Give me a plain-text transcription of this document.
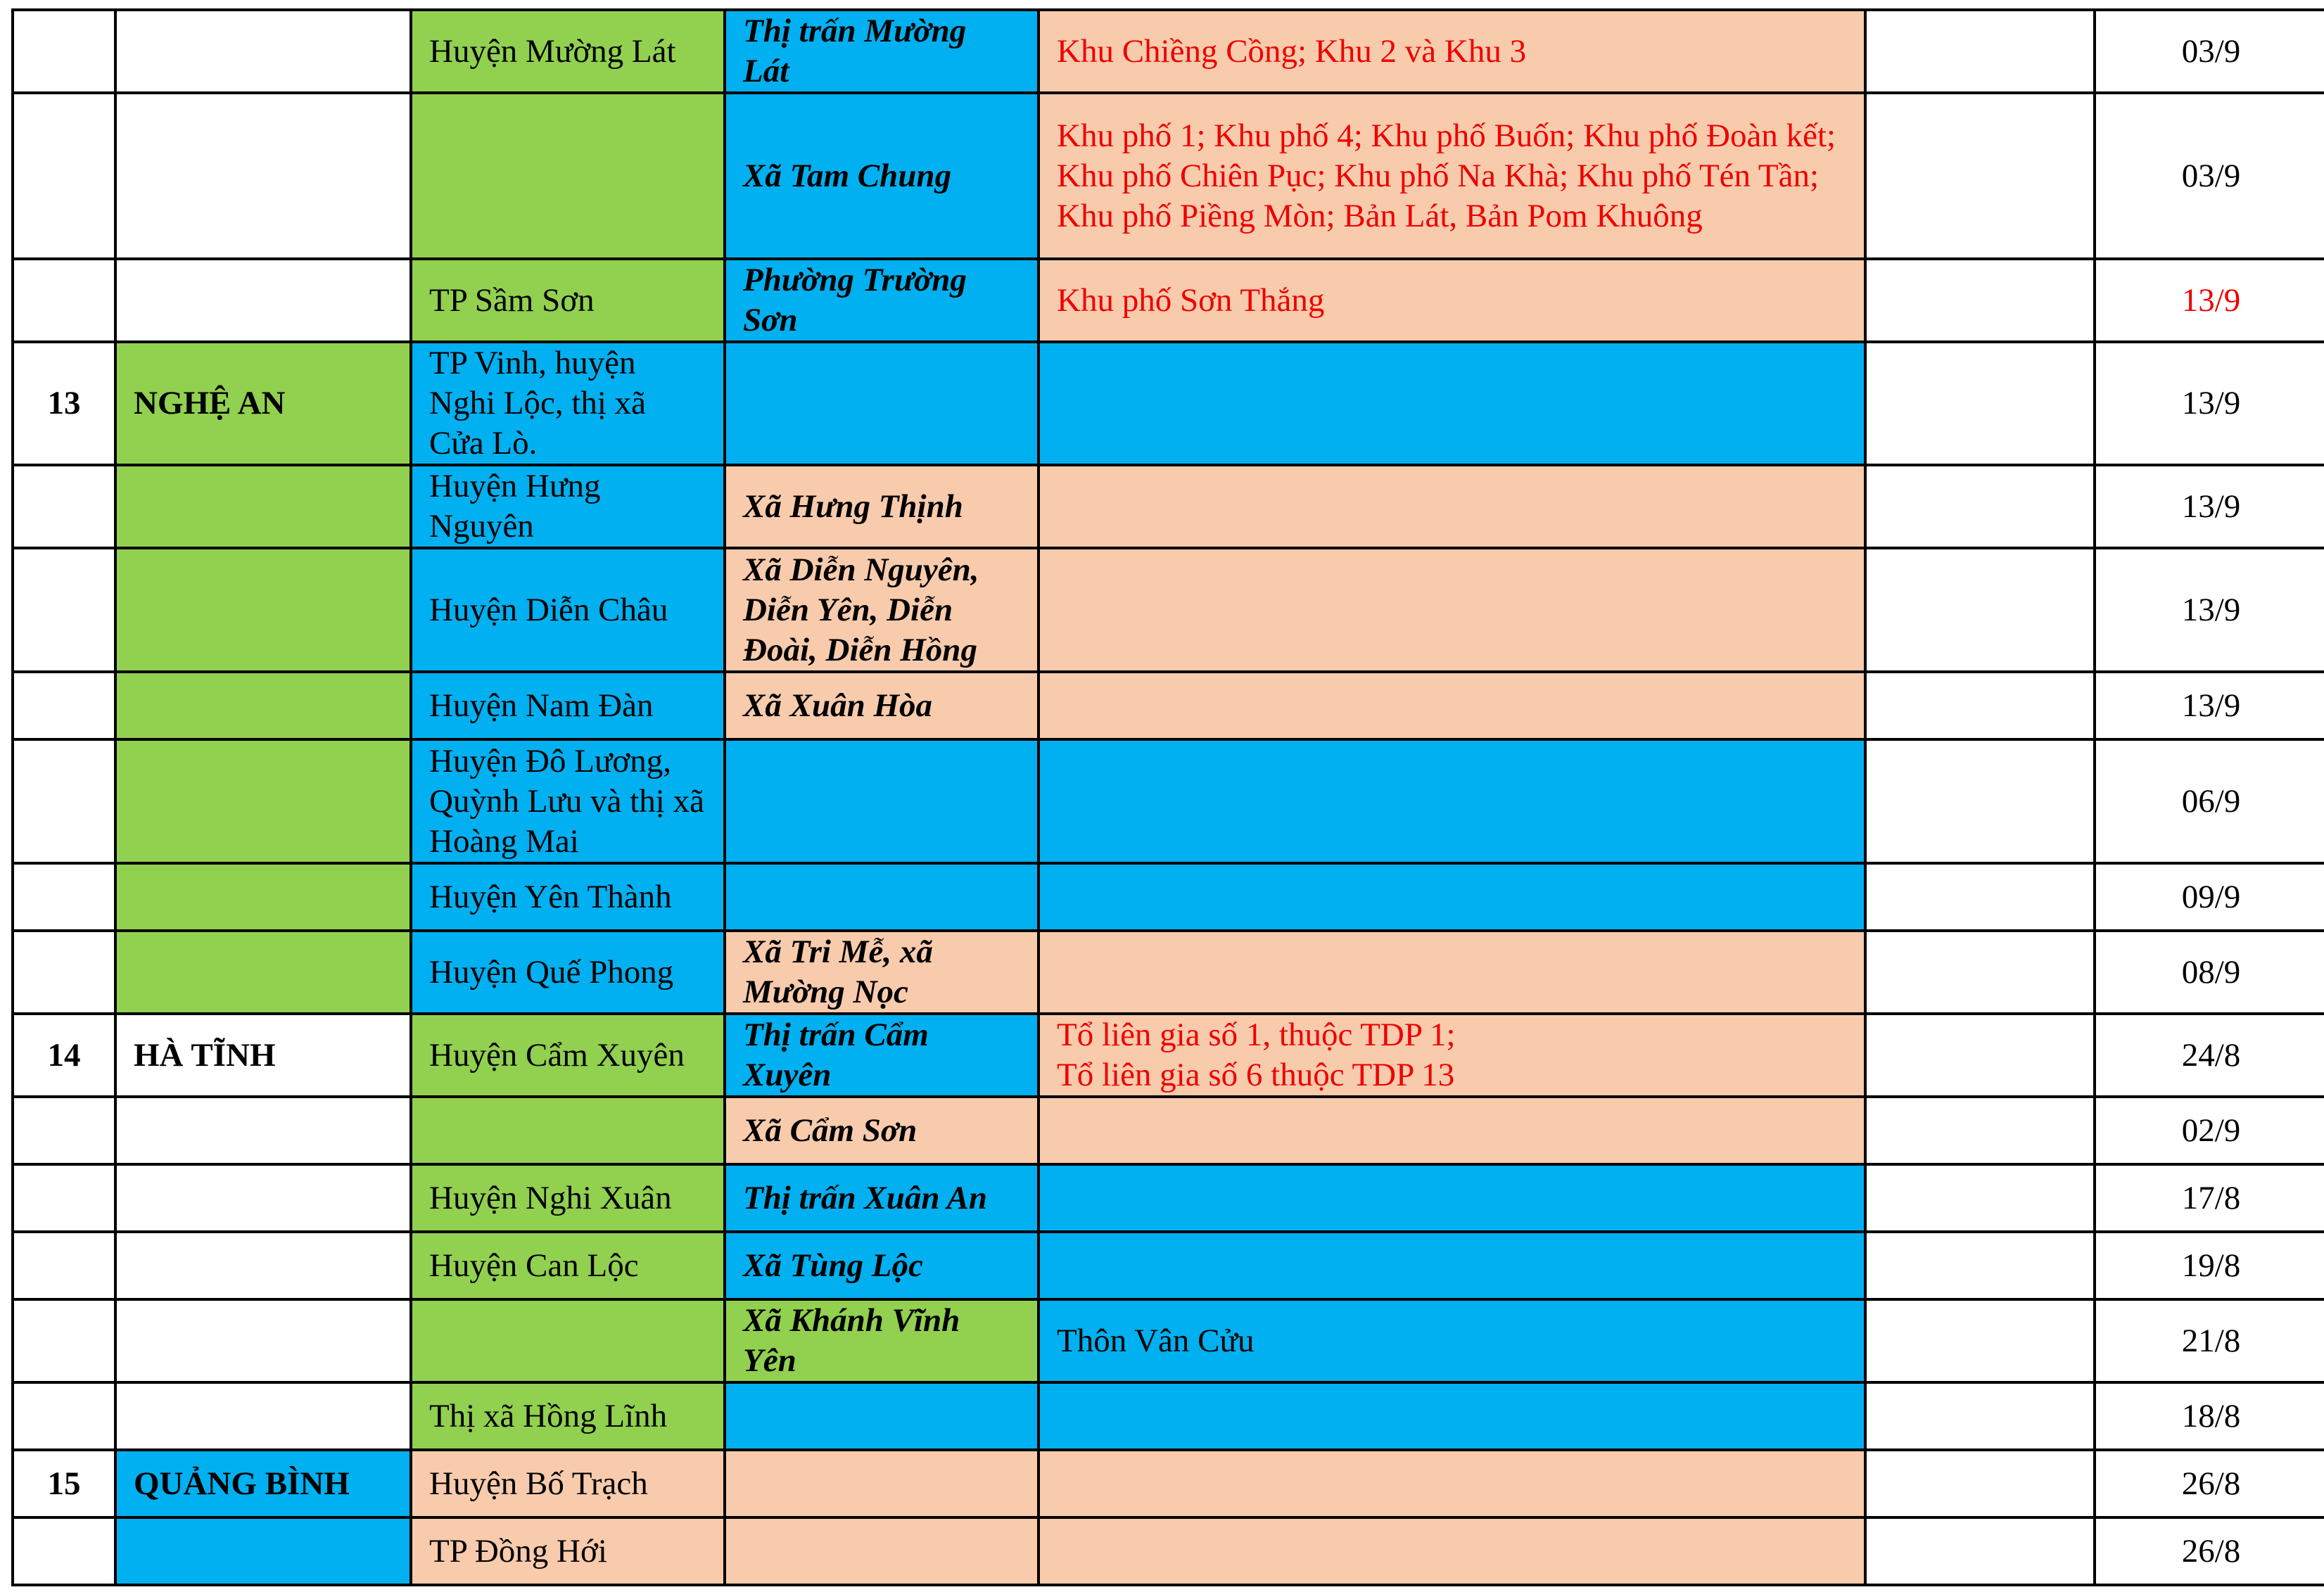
		Huyện Mường Lát	Thị trấn Mường Lát	Khu Chiềng Cồng; Khu 2 và Khu 3		03/9
			Xã Tam Chung	Khu phố 1; Khu phố 4; Khu phố Buốn; Khu phố Đoàn kết; Khu phố Chiên Pục; Khu phố Na Khà; Khu phố Tén Tần; Khu phố Piềng Mòn; Bản Lát, Bản Pom Khuông		03/9
		TP Sầm Sơn	Phường Trường Sơn	Khu phố Sơn Thắng		13/9
13	NGHỆ AN	TP Vinh, huyện Nghi Lộc, thị xã Cửa Lò.				13/9
		Huyện Hưng Nguyên	Xã Hưng Thịnh			13/9
		Huyện Diễn Châu	Xã Diễn Nguyên, Diễn Yên, Diễn Đoài, Diễn Hồng			13/9
		Huyện Nam Đàn	Xã Xuân Hòa			13/9
		Huyện Đô Lương, Quỳnh Lưu và thị xã Hoàng Mai				06/9
		Huyện Yên Thành				09/9
		Huyện Quế Phong	Xã Tri Mễ, xã Mường Nọc			08/9
14	HÀ TĨNH	Huyện Cẩm Xuyên	Thị trấn Cẩm Xuyên	Tổ liên gia số 1, thuộc TDP 1;
Tổ liên gia số 6 thuộc TDP 13		24/8
			Xã Cẩm Sơn			02/9
		Huyện Nghi Xuân	Thị trấn Xuân An			17/8
		Huyện Can Lộc	Xã Tùng Lộc			19/8
			Xã Khánh Vĩnh Yên	Thôn Vân Cửu		21/8
		Thị xã Hồng Lĩnh				18/8
15	QUẢNG BÌNH	Huyện Bố Trạch				26/8
		TP Đồng Hới				26/8
